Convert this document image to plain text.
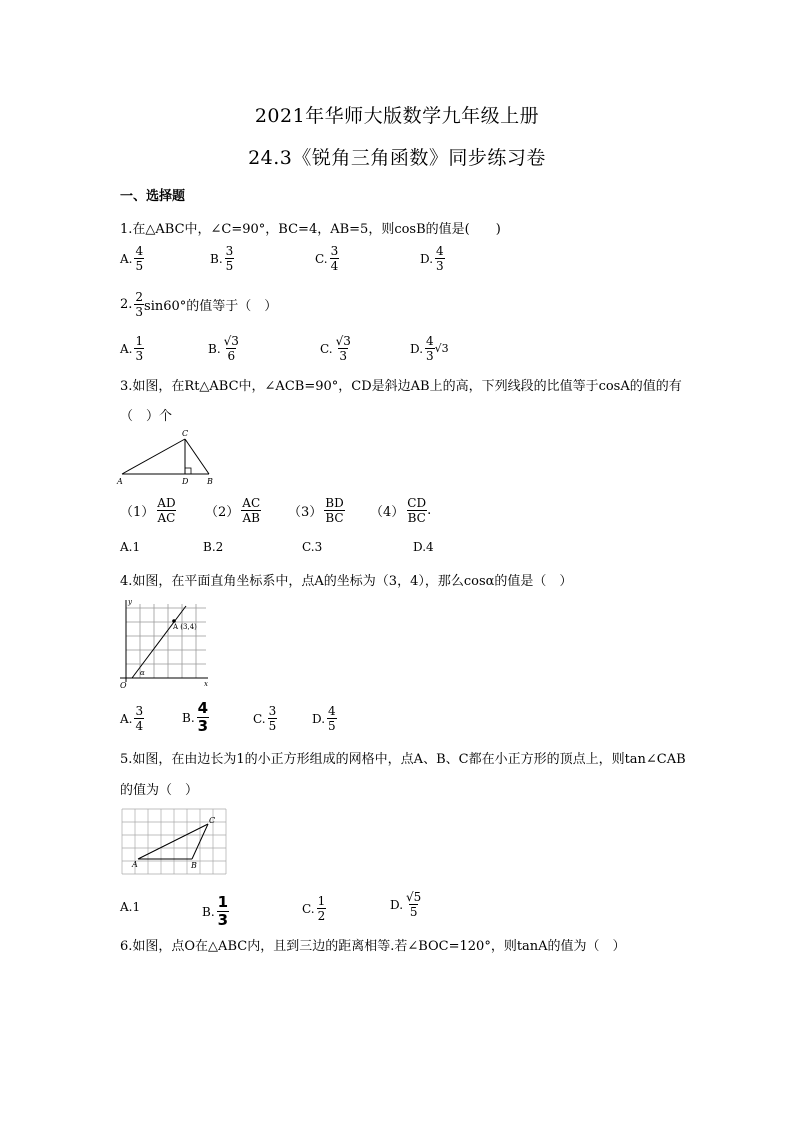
2021年华师大版数学九年级上册
24.3《锐角三角函数》同步练习卷
一、选择题
1.在△ABC中，∠C=90°，BC=4，AB=5，则cosB的值是(　　)
A. $\frac{4}{5}$	B. $\frac{3}{5}$	C. $\frac{3}{4}$	D. $\frac{4}{3}$
2. $\frac{2}{3} \sin 60^\circ$的值等于（　）
A. $\frac{1}{3}$	B. $\frac{√3}{6}$	C. $\frac{√3}{3}$	D. $\frac{4}{3} √3$
3.如图，在Rt△ABC中，∠ACB=90°，CD是斜边AB上的高，下列线段的比值等于cosA的值的有
（　）个
A
C
D B
$(1) \frac{AD}{AC} (2) \frac{AC}{AB} (3) \frac{BD}{BC} (4) \frac{CD}{BC}$ .
A.1	B.2	C.3	D.4
4.如图，在平面直角坐标系中，点A的坐标为（3，4），那么cosα的值是（　）
y
x
O
α
A (3,4)
A. $\frac{3}{4}$	B. $\frac{4}{3}$	C. $\frac{3}{5}$	D. $\frac{4}{5}$
5.如图，在由边长为1的小正方形组成的网格中，点A、B、C都在小正方形的顶点上，则tan∠CAB
的值为（　）
A	B
C
A.1	B. $\frac{1}{3}$	C. $\frac{1}{2}$	D. $\frac{√5}{5}$
6.如图，点O在△ABC内，且到三边的距离相等.若∠BOC=120°，则tanA的值为（　）
